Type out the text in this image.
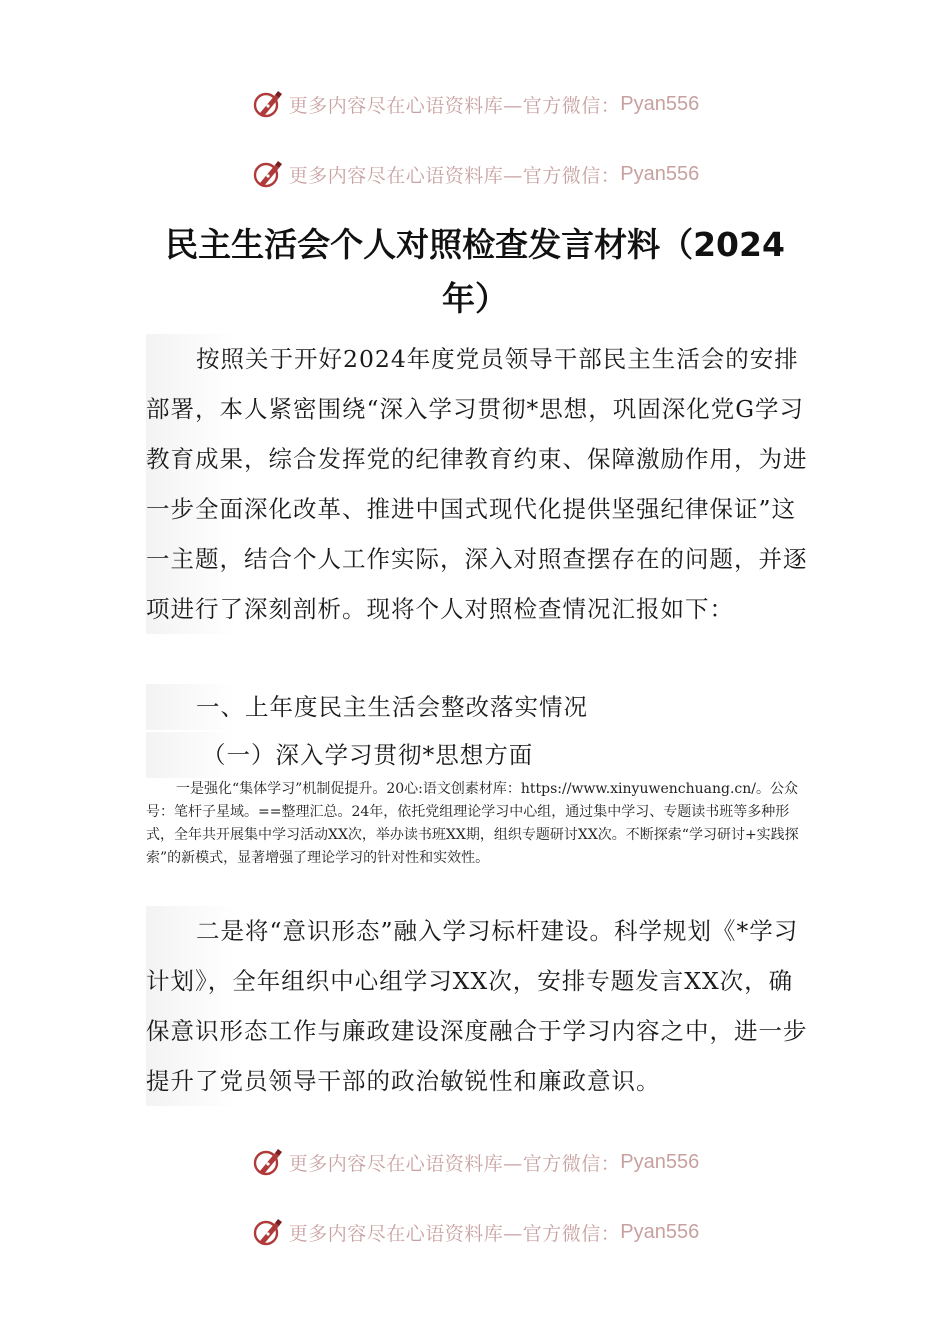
更多内容尽在心语资料库—官方微信： Pyan556
更多内容尽在心语资料库—官方微信： Pyan556
民主生活会个人对照检查发言材料（2024
年）

按照关于开好2024年度党员领导干部民主生活会的安排部署，本人紧密围绕“深入学习贯彻*思想，巩固深化党G学习教育成果，综合发挥党的纪律教育约束、保障激励作用，为进一步全面深化改革、推进中国式现代化提供坚强纪律保证”这一主题，结合个人工作实际，深入对照查摆存在的问题，并逐项进行了深刻剖析。现将个人对照检查情况汇报如下：

一、上年度民主生活会整改落实情况

（一）深入学习贯彻*思想方面

一是强化“集体学习”机制促提升。20心:语文创素材库：https://www.xinyuwenchuang.cn/。公众号：笔杆子星域。==整理汇总。24年，依托党组理论学习中心组，通过集中学习、专题读书班等多种形式，全年共开展集中学习活动XX次，举办读书班XX期，组织专题研讨XX次。不断探索“学习研讨+实践探索”的新模式，显著增强了理论学习的针对性和实效性。

二是将“意识形态”融入学习标杆建设。科学规划《*学习计划》，全年组织中心组学习XX次，安排专题发言XX次，确保意识形态工作与廉政建设深度融合于学习内容之中，进一步提升了党员领导干部的政治敏锐性和廉政意识。

更多内容尽在心语资料库—官方微信： Pyan556
更多内容尽在心语资料库—官方微信： Pyan556
